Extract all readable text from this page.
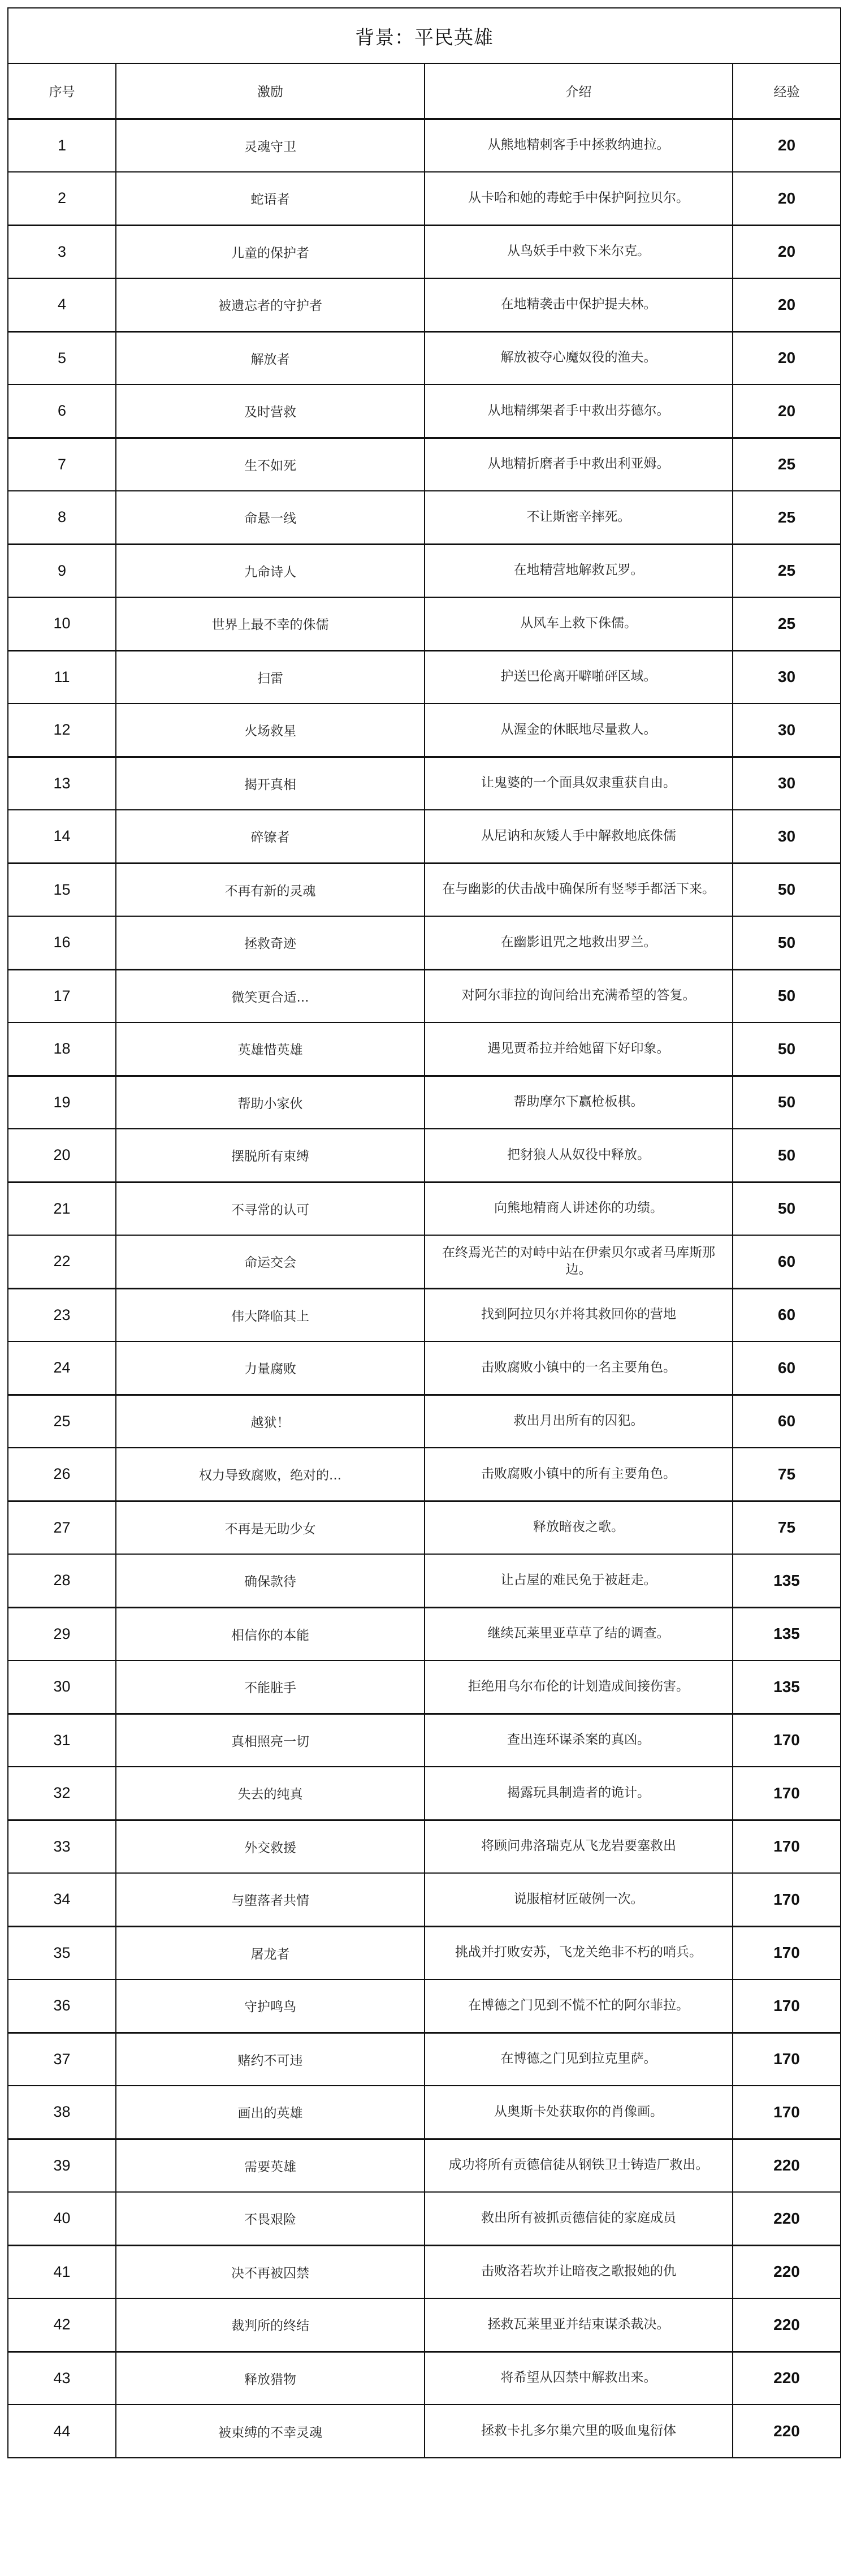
背景：平民英雄			
序号	激励	介绍	经验
1	灵魂守卫	从熊地精刺客手中拯救纳迪拉。	20
2	蛇语者	从卡哈和她的毒蛇手中保护阿拉贝尔。	20
3	儿童的保护者	从鸟妖手中救下米尔克。	20
4	被遗忘者的守护者	在地精袭击中保护提夫林。	20
5	解放者	解放被夺心魔奴役的渔夫。	20
6	及时营救	从地精绑架者手中救出芬德尔。	20
7	生不如死	从地精折磨者手中救出利亚姆。	25
8	命悬一线	不让斯密辛摔死。	25
9	九命诗人	在地精营地解救瓦罗。	25
10	世界上最不幸的侏儒	从风车上救下侏儒。	25
11	扫雷	护送巴伦离开噼啪砰区域。	30
12	火场救星	从渥金的休眠地尽量救人。	30
13	揭开真相	让鬼婆的一个面具奴隶重获自由。	30
14	碎镣者	从尼讷和灰矮人手中解救地底侏儒	30
15	不再有新的灵魂	在与幽影的伏击战中确保所有竖琴手都活下来。	50
16	拯救奇迹	在幽影诅咒之地救出罗兰。	50
17	微笑更合适...	对阿尔菲拉的询问给出充满希望的答复。	50
18	英雄惜英雄	遇见贾希拉并给她留下好印象。	50
19	帮助小家伙	帮助摩尔下赢枪板棋。	50
20	摆脱所有束缚	把豺狼人从奴役中释放。	50
21	不寻常的认可	向熊地精商人讲述你的功绩。	50
22	命运交会	在终焉光芒的对峙中站在伊索贝尔或者马库斯那边。	60
23	伟大降临其上	找到阿拉贝尔并将其救回你的营地	60
24	力量腐败	击败腐败小镇中的一名主要角色。	60
25	越狱！	救出月出所有的囚犯。	60
26	权力导致腐败，绝对的...	击败腐败小镇中的所有主要角色。	75
27	不再是无助少女	释放暗夜之歌。	75
28	确保款待	让占屋的难民免于被赶走。	135
29	相信你的本能	继续瓦莱里亚草草了结的调查。	135
30	不能脏手	拒绝用乌尔布伦的计划造成间接伤害。	135
31	真相照亮一切	查出连环谋杀案的真凶。	170
32	失去的纯真	揭露玩具制造者的诡计。	170
33	外交救援	将顾问弗洛瑞克从飞龙岩要塞救出	170
34	与堕落者共情	说服棺材匠破例一次。	170
35	屠龙者	挑战并打败安苏，飞龙关绝非不朽的哨兵。	170
36	守护鸣鸟	在博德之门见到不慌不忙的阿尔菲拉。	170
37	赌约不可违	在博德之门见到拉克里萨。	170
38	画出的英雄	从奥斯卡处获取你的肖像画。	170
39	需要英雄	成功将所有贡德信徒从钢铁卫士铸造厂救出。	220
40	不畏艰险	救出所有被抓贡德信徒的家庭成员	220
41	决不再被囚禁	击败洛若坎并让暗夜之歌报她的仇	220
42	裁判所的终结	拯救瓦莱里亚并结束谋杀裁决。	220
43	释放猎物	将希望从囚禁中解救出来。	220
44	被束缚的不幸灵魂	拯救卡扎多尔巢穴里的吸血鬼衍体	220
